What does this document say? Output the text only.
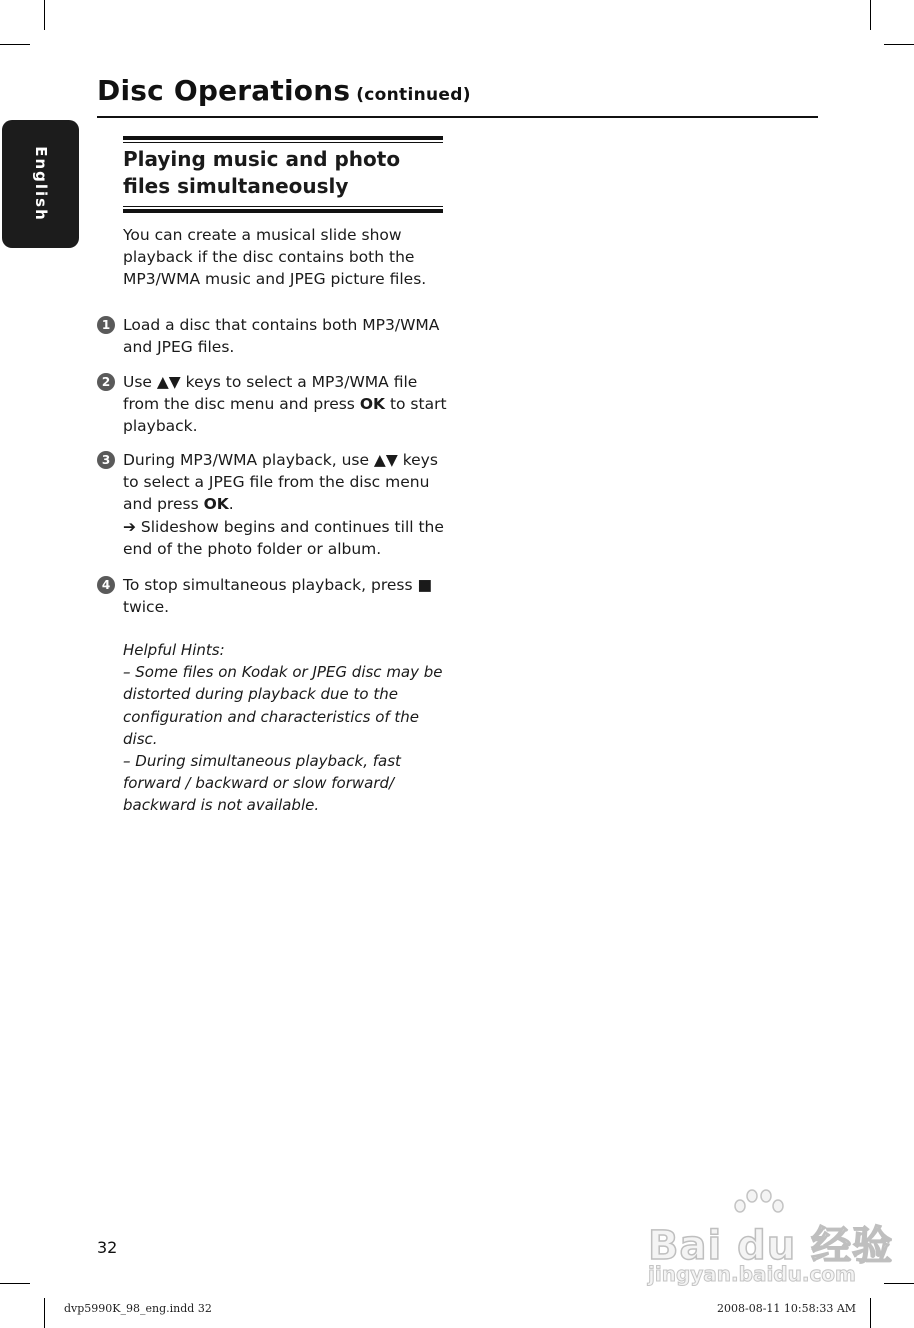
Disc Operations (continued)
English	Playing music and photo files simultaneously
You can create a musical slide show playback if the disc contains both the MP3/WMA music and JPEG picture files.
1 Load a disc that contains both MP3/WMA and JPEG files.
2 Use ▲▼ keys to select a MP3/WMA file from the disc menu and press OK to start playback.
3 During MP3/WMA playback, use ▲▼ keys to select a JPEG file from the disc menu and press OK.
➔ Slideshow begins and continues till the end of the photo folder or album.
4 To stop simultaneous playback, press ■ twice.
Helpful Hints:
– Some files on Kodak or JPEG disc may be distorted during playback due to the configuration and characteristics of the disc.
– During simultaneous playback, fast forward / backward or slow forward/ backward is not available.
32
dvp5990K_98_eng.indd 32	2008-08-11 10:58:33 AM
Bai du 经验
jingyan.baidu.com
